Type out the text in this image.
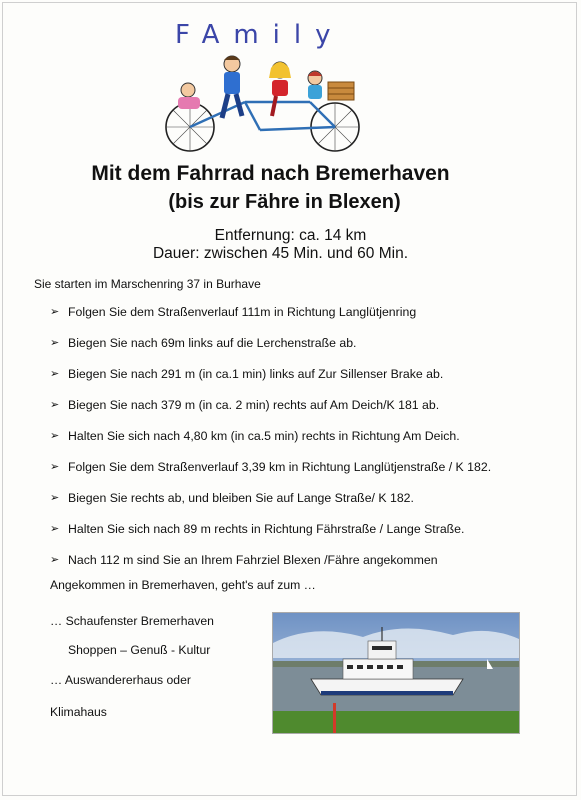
FAmily
Mit dem Fahrrad nach Bremerhaven
(bis zur Fähre in Blexen)
Entfernung: ca. 14 km
Dauer: zwischen 45 Min. und 60 Min.
Sie starten im Marschenring 37 in Burhave
➢ Folgen Sie dem Straßenverlauf 111m in Richtung Langlütjenring
➢ Biegen Sie nach 69m links auf die Lerchenstraße ab.
➢ Biegen Sie nach 291 m (in ca.1 min) links auf Zur Sillenser Brake ab.
➢ Biegen Sie nach 379 m (in ca. 2 min) rechts auf Am Deich/K 181 ab.
➢ Halten Sie sich nach 4,80 km (in ca.5 min) rechts in Richtung Am Deich.
➢ Folgen Sie dem Straßenverlauf 3,39 km in Richtung Langlütjenstraße / K 182.
➢ Biegen Sie rechts ab, und bleiben Sie auf Lange Straße/ K 182.
➢ Halten Sie sich nach 89 m rechts in Richtung Fährstraße / Lange Straße.
➢ Nach 112 m sind Sie an Ihrem Fahrziel Blexen /Fähre angekommen
Angekommen in Bremerhaven, geht's auf zum …
… Schaufenster Bremerhaven
Shoppen – Genuß - Kultur
… Auswandererhaus oder
Klimahaus
